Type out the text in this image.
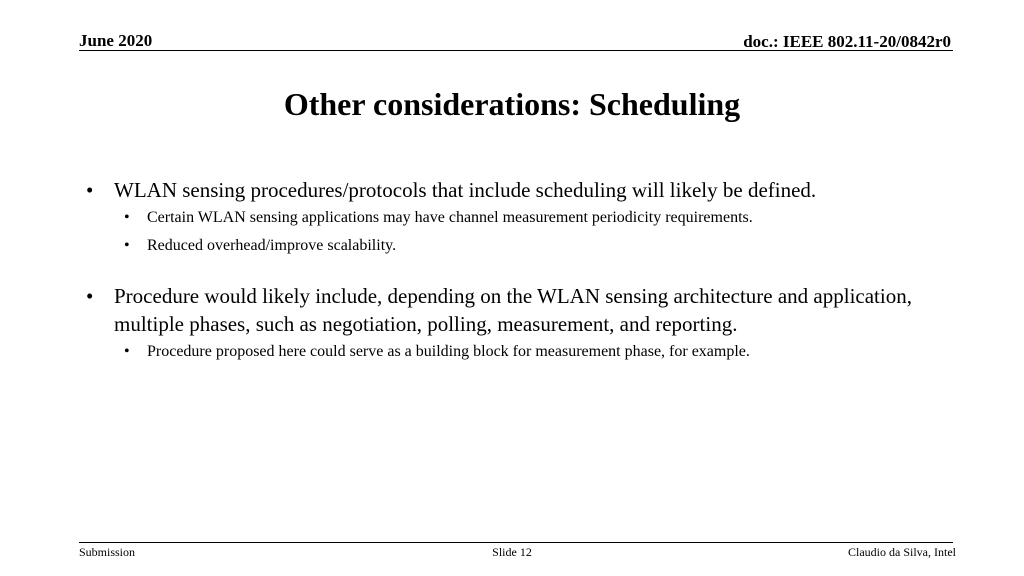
June 2020	doc.: IEEE 802.11-20/0842r0
Other considerations: Scheduling
• WLAN sensing procedures/protocols that include scheduling will likely be defined.
• Certain WLAN sensing applications may have channel measurement periodicity requirements.
• Reduced overhead/improve scalability.
• Procedure would likely include, depending on the WLAN sensing architecture and application, multiple phases, such as negotiation, polling, measurement, and reporting.
• Procedure proposed here could serve as a building block for measurement phase, for example.
Submission	Slide 12	Claudio da Silva, Intel
